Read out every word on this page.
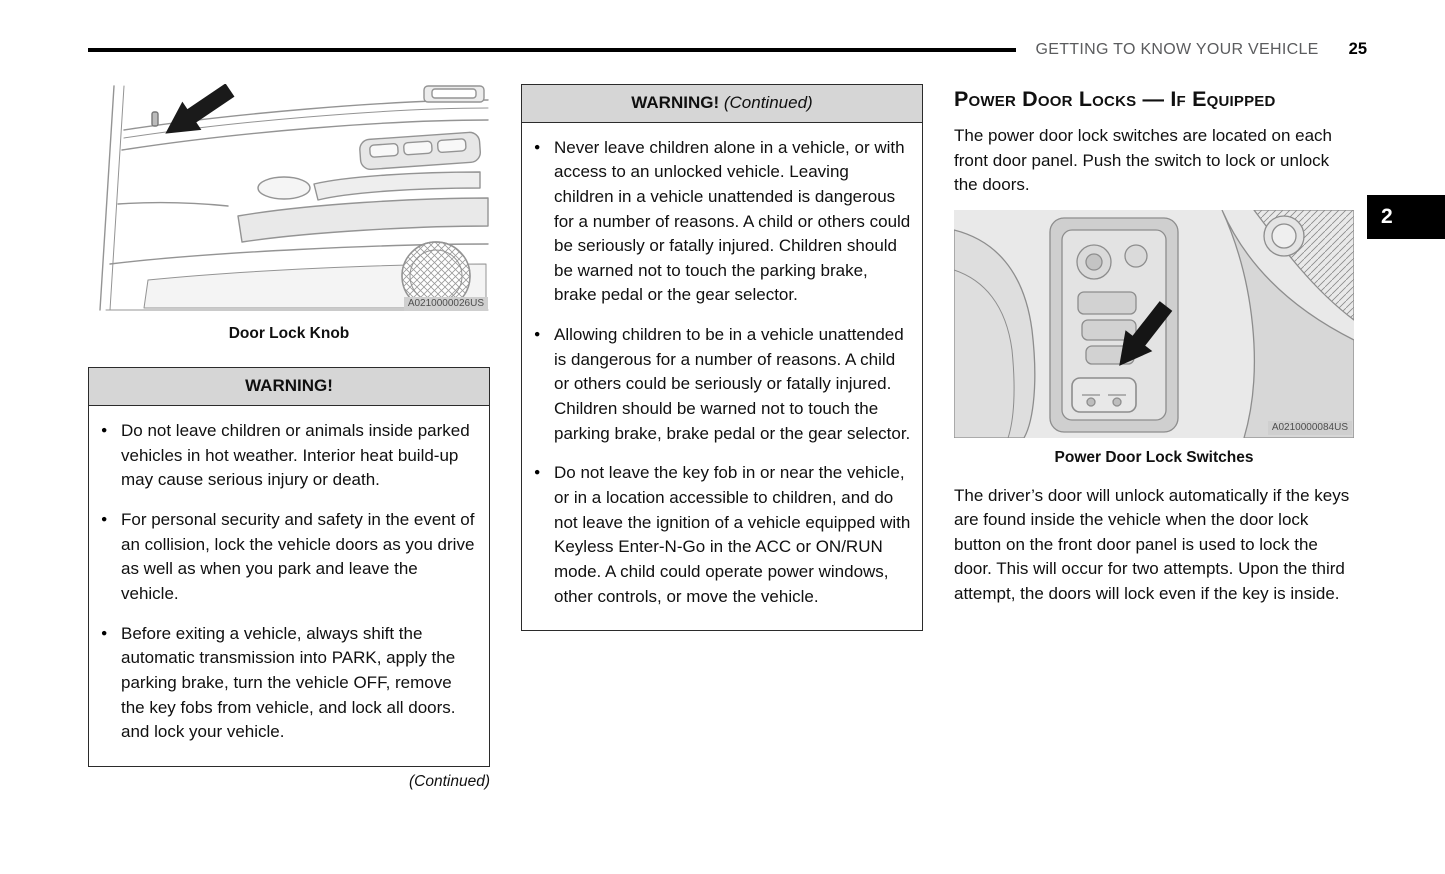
GETTING TO KNOW YOUR VEHICLE 25
A0210000026US
Door Lock Knob
WARNING!
● Do not leave children or animals inside parked vehicles in hot weather. Interior heat build-up may cause serious injury or death.
● For personal security and safety in the event of an collision, lock the vehicle doors as you drive as well as when you park and leave the vehicle.
● Before exiting a vehicle, always shift the automatic transmission into PARK, apply the parking brake, turn the vehicle OFF, remove the key fobs from vehicle, and lock all doors. and lock your vehicle.
(Continued)
WARNING! (Continued)
● Never leave children alone in a vehicle, or with access to an unlocked vehicle. Leaving children in a vehicle unattended is dangerous for a number of reasons. A child or others could be seriously or fatally injured. Children should be warned not to touch the parking brake, brake pedal or the gear selector.
● Allowing children to be in a vehicle unattended is dangerous for a number of reasons. A child or others could be seriously or fatally injured. Children should be warned not to touch the parking brake, brake pedal or the gear selector.
● Do not leave the key fob in or near the vehicle, or in a location accessible to children, and do not leave the ignition of a vehicle equipped with Keyless Enter-N-Go in the ACC or ON/RUN mode. A child could operate power windows, other controls, or move the vehicle.
Power Door Locks — If Equipped

The power door lock switches are located on each front door panel. Push the switch to lock or unlock the doors.

A0210000084US
Power Door Lock Switches

The driver’s door will unlock automatically if the keys are found inside the vehicle when the door lock button on the front door panel is used to lock the door. This will occur for two attempts. Upon the third attempt, the doors will lock even if the key is inside.

2
